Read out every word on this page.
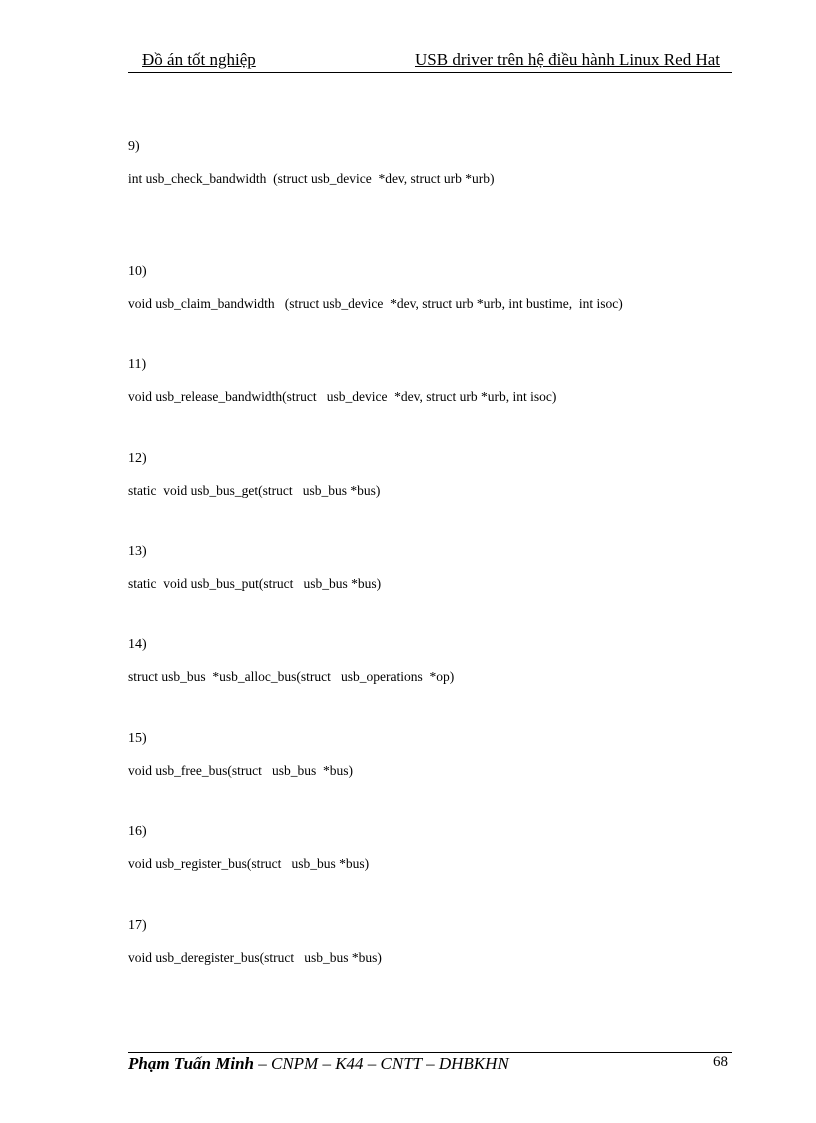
Đồ án tốt nghiệp	USB driver trên hệ điều hành Linux Red Hat
9)
int usb_check_bandwidth  (struct usb_device  *dev, struct urb *urb)
10)
void usb_claim_bandwidth   (struct usb_device  *dev, struct urb *urb, int bustime,  int isoc)
11)
void usb_release_bandwidth(struct   usb_device  *dev, struct urb *urb, int isoc)
12)
static  void usb_bus_get(struct   usb_bus *bus)
13)
static  void usb_bus_put(struct   usb_bus *bus)
14)
struct usb_bus  *usb_alloc_bus(struct   usb_operations  *op)
15)
void usb_free_bus(struct   usb_bus  *bus)
16)
void usb_register_bus(struct   usb_bus *bus)
17)
void usb_deregister_bus(struct   usb_bus *bus)
Phạm Tuấn Minh – CNPM – K44 – CNTT – DHBKHN	68
